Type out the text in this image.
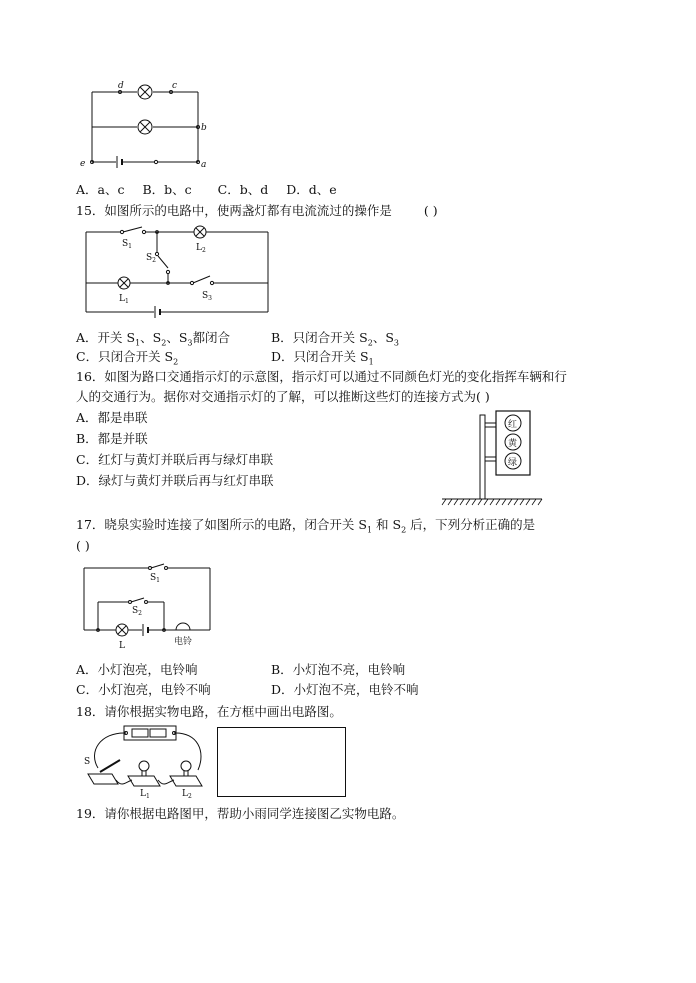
d	c
b
e	a
A．a、c B．b、c C．b、d D．d、e
15．如图所示的电路中，使两盏灯都有电流流过的操作是	( )
$S_1$
$S_2$
$L_2$
$L_1$
$S_3$
A．开关 $S_1$、$S_2$、$S_3$都闭合	B．只闭合开关 $S_2$、$S_3$
C．只闭合开关 $S_2$	D．只闭合开关 $S_1$
16．如图为路口交通指示灯的示意图，指示灯可以通过不同颜色灯光的变化指挥车辆和行
人的交通行为。据你对交通指示灯的了解，可以推断这些灯的连接方式为( )
A．都是串联
B．都是并联
C．红灯与黄灯并联后再与绿灯串联
D．绿灯与黄灯并联后再与红灯串联
红
黄
绿
17．晓泉实验时连接了如图所示的电路，闭合开关 $S_1$ 和 $S_2$ 后，下列分析正确的是
( )
$S_1$
$S_2$
L	电铃
A．小灯泡亮，电铃响	B．小灯泡不亮，电铃响
C．小灯泡亮，电铃不响	D．小灯泡不亮，电铃不响
18．请你根据实物电路，在方框中画出电路图。
S
$L_1$	$L_2$
19．请你根据电路图甲，帮助小雨同学连接图乙实物电路。
